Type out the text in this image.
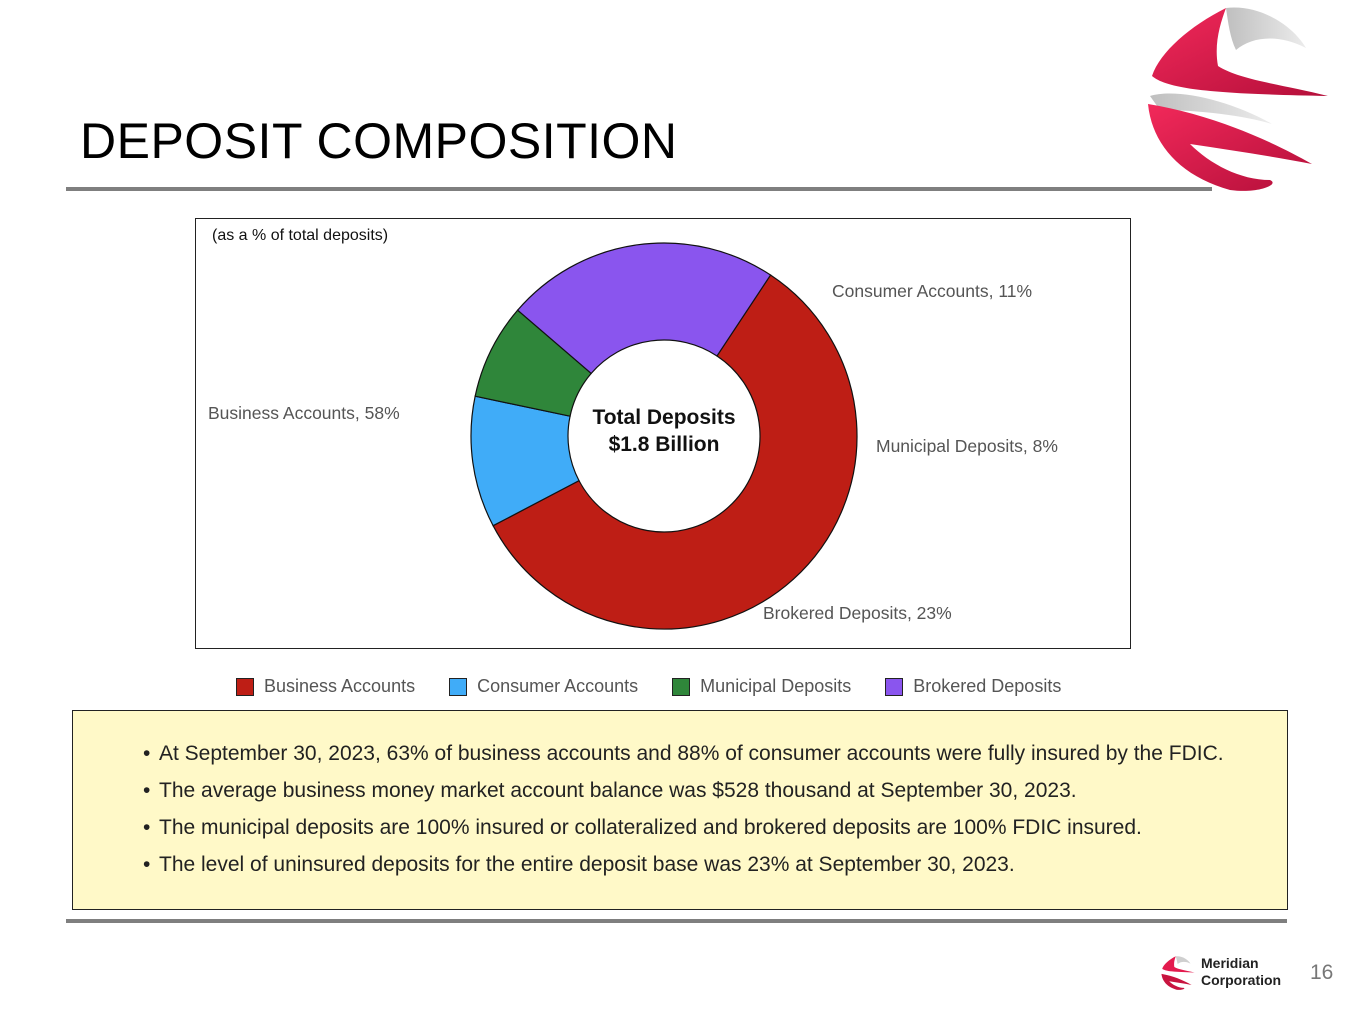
DEPOSIT COMPOSITION
(as a % of total deposits)
Business Accounts, 58%
Consumer Accounts, 11%
Municipal Deposits, 8%
Brokered Deposits, 23%
Total Deposits
$1.8 Billion
Business Accounts	Consumer Accounts	Municipal Deposits	Brokered Deposits
• At September 30, 2023, 63% of business accounts and 88% of consumer accounts were fully insured by the FDIC.
• The average business money market account balance was $528 thousand at September 30, 2023.
• The municipal deposits are 100% insured or collateralized and brokered deposits are 100% FDIC insured.
• The level of uninsured deposits for the entire deposit base was 23% at September 30, 2023.
Meridian
Corporation 16
